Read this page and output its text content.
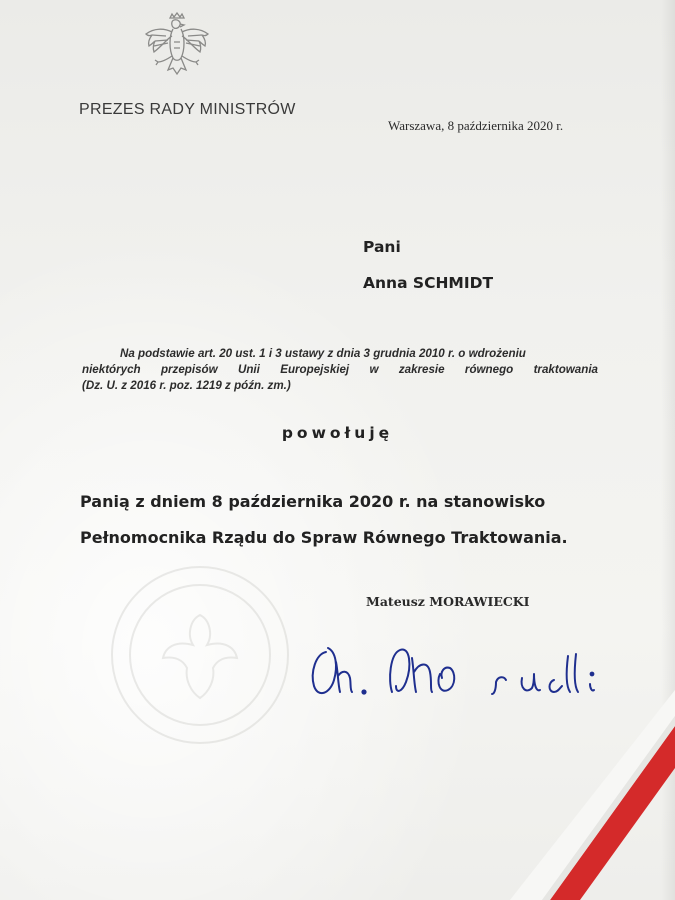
PREZES RADY MINISTRÓW
Warszawa, 8 października 2020 r.
Pani
Anna SCHMIDT
Na podstawie art. 20 ust. 1 i 3 ustawy z dnia 3 grudnia 2010 r. o wdrożeniu
niektórych przepisów Unii Europejskiej w zakresie równego traktowania
(Dz. U. z 2016 r. poz. 1219 z późn. zm.)
powołuję
Panią z dniem 8 października 2020 r. na stanowisko
Pełnomocnika Rządu do Spraw Równego Traktowania.
Mateusz MORAWIECKI
